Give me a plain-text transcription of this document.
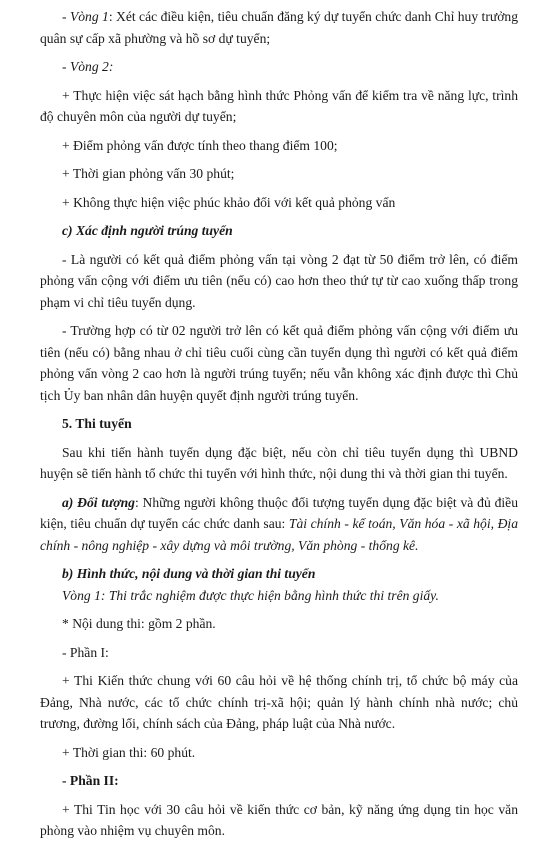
- Vòng 1: Xét các điều kiện, tiêu chuẩn đăng ký dự tuyển chức danh Chỉ huy trưởng quân sự cấp xã phường và hồ sơ dự tuyển;

- Vòng 2:

+ Thực hiện việc sát hạch bằng hình thức Phỏng vấn để kiểm tra về năng lực, trình độ chuyên môn của người dự tuyển;

+ Điểm phỏng vấn được tính theo thang điểm 100;

+ Thời gian phỏng vấn 30 phút;

+ Không thực hiện việc phúc khảo đối với kết quả phỏng vấn

c) Xác định người trúng tuyển

- Là người có kết quả điểm phỏng vấn tại vòng 2 đạt từ 50 điểm trở lên, có điểm phỏng vấn cộng với điểm ưu tiên (nếu có) cao hơn theo thứ tự từ cao xuống thấp trong phạm vi chỉ tiêu tuyển dụng.

- Trường hợp có từ 02 người trở lên có kết quả điểm phỏng vấn cộng với điểm ưu tiên (nếu có) bằng nhau ở chỉ tiêu cuối cùng cần tuyển dụng thì người có kết quả điểm phỏng vấn vòng 2 cao hơn là người trúng tuyển; nếu vẫn không xác định được thì Chủ tịch Ủy ban nhân dân huyện quyết định người trúng tuyển.

5. Thi tuyển

Sau khi tiến hành tuyển dụng đặc biệt, nếu còn chỉ tiêu tuyển dụng thì UBND huyện sẽ tiến hành tổ chức thi tuyển với hình thức, nội dung thi và thời gian thi tuyển.

a) Đối tượng: Những người không thuộc đối tượng tuyển dụng đặc biệt và đủ điều kiện, tiêu chuẩn dự tuyển các chức danh sau: Tài chính - kế toán, Văn hóa - xã hội, Địa chính - nông nghiệp - xây dựng và môi trường, Văn phòng - thống kê.

b) Hình thức, nội dung và thời gian thi tuyển

Vòng 1: Thi trắc nghiệm được thực hiện bằng hình thức thi trên giấy.

* Nội dung thi: gồm 2 phần.

- Phần I:

+ Thi Kiến thức chung với 60 câu hỏi về hệ thống chính trị, tổ chức bộ máy của Đảng, Nhà nước, các tổ chức chính trị-xã hội; quản lý hành chính nhà nước; chủ trương, đường lối, chính sách của Đảng, pháp luật của Nhà nước.

+ Thời gian thi: 60 phút.

- Phần II:

+ Thi Tin học với 30 câu hỏi về kiến thức cơ bản, kỹ năng ứng dụng tin học văn phòng vào nhiệm vụ chuyên môn.
